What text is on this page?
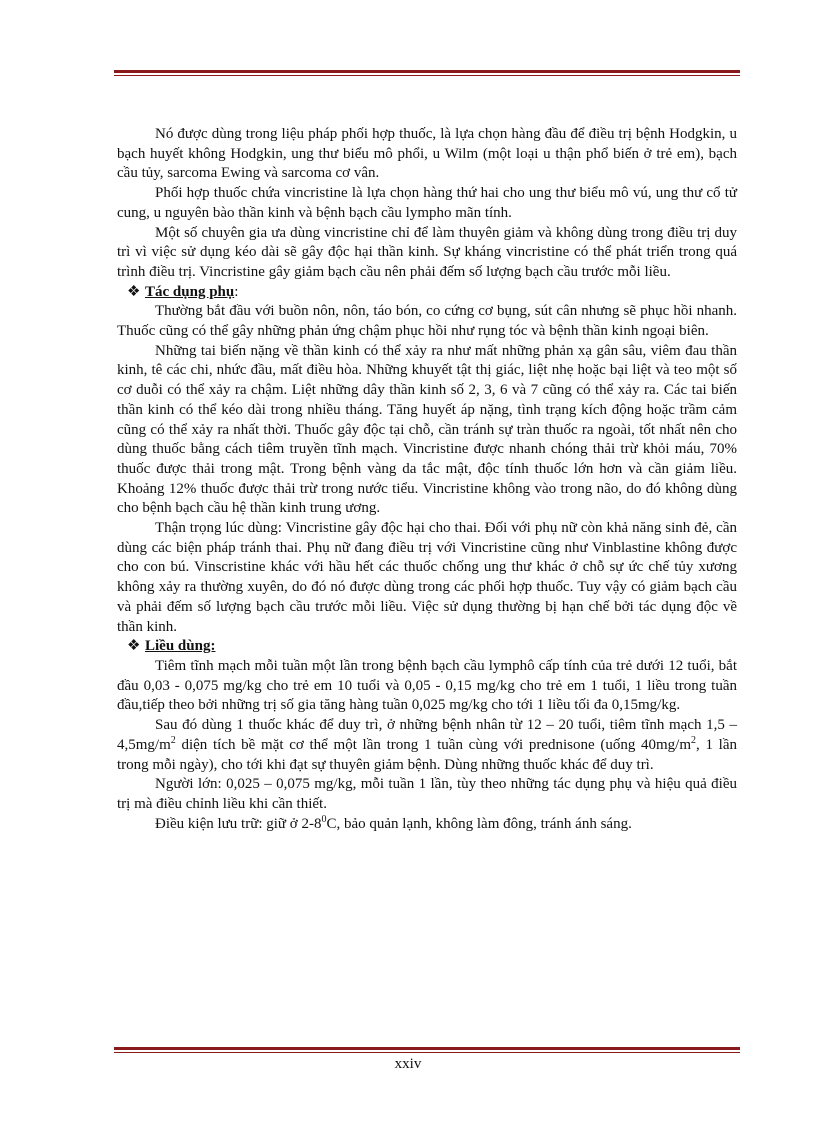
Nó được dùng trong liệu pháp phối hợp thuốc, là lựa chọn hàng đầu để điều trị bệnh Hodgkin, u bạch huyết không Hodgkin, ung thư biểu mô phổi, u Wilm (một loại u thận phổ biến ở trẻ em), bạch cầu tủy, sarcoma Ewing và sarcoma cơ vân.

Phối hợp thuốc chứa vincristine là lựa chọn hàng thứ hai cho ung thư biểu mô vú, ung thư cổ tử cung, u nguyên bào thần kinh và bệnh bạch cầu lympho mãn tính.

Một số chuyên gia ưa dùng vincristine chỉ để làm thuyên giảm và không dùng trong điều trị duy trì vì việc sử dụng kéo dài sẽ gây độc hại thần kinh. Sự kháng vincristine có thể phát triển trong quá trình điều trị. Vincristine gây giảm bạch cầu nên phải đếm số lượng bạch cầu trước mỗi liều.

❖ Tác dụng phụ:

Thường bắt đầu với buồn nôn, nôn, táo bón, co cứng cơ bụng, sút cân nhưng sẽ phục hồi nhanh. Thuốc cũng có thể gây những phản ứng chậm phục hồi như rụng tóc và bệnh thần kinh ngoại biên.

Những tai biến nặng về thần kinh có thể xảy ra như mất những phản xạ gân sâu, viêm đau thần kinh, tê các chi, nhức đầu, mất điều hòa. Những khuyết tật thị giác, liệt nhẹ hoặc bại liệt và teo một số cơ duỗi có thể xảy ra chậm. Liệt những dây thần kinh số 2, 3, 6 và 7 cũng có thể xảy ra. Các tai biến thần kinh có thể kéo dài trong nhiều tháng. Tăng huyết áp nặng, tình trạng kích động hoặc trầm cảm cũng có thể xảy ra nhất thời. Thuốc gây độc tại chỗ, cần tránh sự tràn thuốc ra ngoài, tốt nhất nên cho dùng thuốc bằng cách tiêm truyền tĩnh mạch. Vincristine được nhanh chóng thải trừ khỏi máu, 70% thuốc được thải trong mật. Trong bệnh vàng da tắc mật, độc tính thuốc lớn hơn và cần giảm liều. Khoảng 12% thuốc được thải trừ trong nước tiểu. Vincristine không vào trong não, do đó không dùng cho bệnh bạch cầu hệ thần kinh trung ương.

Thận trọng lúc dùng: Vincristine gây độc hại cho thai. Đối với phụ nữ còn khả năng sinh đẻ, cần dùng các biện pháp tránh thai. Phụ nữ đang điều trị với Vincristine cũng như Vinblastine không được cho con bú. Vinscristine khác với hầu hết các thuốc chống ung thư khác ở chỗ sự ức chế tủy xương không xảy ra thường xuyên, do đó nó được dùng trong các phối hợp thuốc. Tuy vậy có giảm bạch cầu và phải đếm số lượng bạch cầu trước mỗi liều. Việc sử dụng thường bị hạn chế bởi tác dụng độc về thần kinh.

❖ Liều dùng:

Tiêm tĩnh mạch mỗi tuần một lần trong bệnh bạch cầu lymphô cấp tính của trẻ dưới 12 tuổi, bắt đầu 0,03 - 0,075 mg/kg cho trẻ em 10 tuổi và 0,05 - 0,15 mg/kg cho trẻ em 1 tuổi, 1 liều trong tuần đầu,tiếp theo bởi những trị số gia tăng hàng tuần 0,025 mg/kg cho tới 1 liều tối đa 0,15mg/kg.

Sau đó dùng 1 thuốc khác để duy trì, ở những bệnh nhân từ 12 – 20 tuổi, tiêm tĩnh mạch $1,5 - 4,5mg/m^2$ diện tích bề mặt cơ thể một lần trong 1 tuần cùng với prednisone (uống $40mg/m^2$, 1 lần trong mỗi ngày), cho tới khi đạt sự thuyên giảm bệnh. Dùng những thuốc khác để duy trì.

Người lớn: 0,025 – 0,075 mg/kg, mỗi tuần 1 lần, tùy theo những tác dụng phụ và hiệu quả điều trị mà điều chỉnh liều khi cần thiết.

Điều kiện lưu trữ: giữ ở $2-8^0C$, bảo quản lạnh, không làm đông, tránh ánh sáng.

xxiv
